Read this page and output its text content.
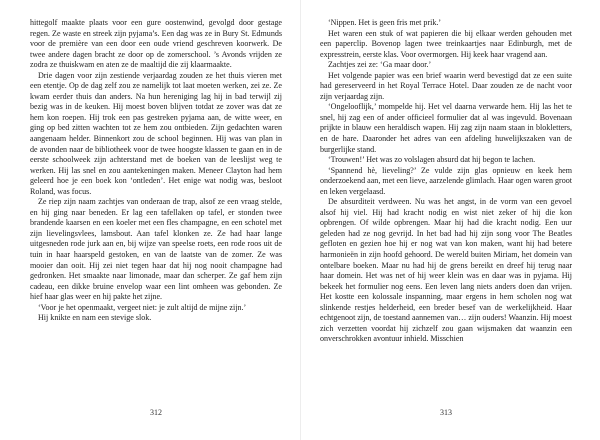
hittegolf maakte plaats voor een gure oostenwind, gevolgd door gestage regen. Ze waste en streek zijn pyjama’s. Een dag was ze in Bury St. Edmunds voor de première van een door een oude vriend geschreven koorwerk. De twee andere dagen bracht ze door op de zomerschool. ’s Avonds vrijden ze zodra ze thuiskwam en aten ze de maaltijd die zij klaarmaakte.

Drie dagen voor zijn zestiende verjaardag zouden ze het thuis vieren met een etentje. Op de dag zelf zou ze namelijk tot laat moeten werken, zei ze. Ze kwam eerder thuis dan anders. Na hun hereniging lag hij in bad terwijl zij bezig was in de keuken. Hij moest boven blijven totdat ze zover was dat ze hem kon roepen. Hij trok een pas gestreken pyjama aan, de witte weer, en ging op bed zitten wachten tot ze hem zou ontbieden. Zijn gedachten waren aangenaam helder. Binnenkort zou de school beginnen. Hij was van plan in de avonden naar de bibliotheek voor de twee hoogste klassen te gaan en in de eerste schoolweek zijn achterstand met de boeken van de leeslijst weg te werken. Hij las snel en zou aantekeningen maken. Meneer Clayton had hem geleerd hoe je een boek kon ‘ontleden’. Het enige wat nodig was, besloot Roland, was focus.

Ze riep zijn naam zachtjes van onderaan de trap, alsof ze een vraag stelde, en hij ging naar beneden. Er lag een tafellaken op tafel, er stonden twee brandende kaarsen en een koeler met een fles champagne, en een schotel met zijn lievelingsvlees, lamsbout. Aan tafel klonken ze. Ze had haar lange uitgesneden rode jurk aan en, bij wijze van speelse roets, een rode roos uit de tuin in haar haarspeld gestoken, en van de laatste van de zomer. Ze was mooier dan ooit. Hij zei niet tegen haar dat hij nog nooit champagne had gedronken. Het smaakte naar limonade, maar dan scherper. Ze gaf hem zijn cadeau, een dikke bruine envelop waar een lint omheen was gebonden. Ze hief haar glas weer en hij pakte het zijne.

‘Voor je het openmaakt, vergeet niet: je zult altijd de mijne zijn.’

Hij knikte en nam een stevige slok.

‘Nippen. Het is geen fris met prik.’

Het waren een stuk of wat papieren die bij elkaar werden gehouden met een paperclip. Bovenop lagen twee treinkaartjes naar Edinburgh, met de expresstrein, eerste klas. Voor overmorgen. Hij keek haar vragend aan.

Zachtjes zei ze: ‘Ga maar door.’

Het volgende papier was een brief waarin werd bevestigd dat ze een suite had gereserveerd in het Royal Terrace Hotel. Daar zouden ze de nacht voor zijn verjaardag zijn.

‘Ongelooflijk,’ mompelde hij. Het vel daarna verwarde hem. Hij las het te snel, hij zag een of ander officieel formulier dat al was ingevuld. Bovenaan prijkte in blauw een heraldisch wapen. Hij zag zijn naam staan in blokletters, en de hare. Daaronder het adres van een afdeling huwelijkszaken van de burgerlijke stand.

‘Trouwen!’ Het was zo volslagen absurd dat hij begon te lachen.

‘Spannend hè, lieveling?’ Ze vulde zijn glas opnieuw en keek hem onderzoekend aan, met een lieve, aarzelende glimlach. Haar ogen waren groot en leken vergelaasd.

De absurditeit verdween. Nu was het angst, in de vorm van een gevoel alsof hij viel. Hij had kracht nodig en wist niet zeker of hij die kon opbrengen. Of wilde opbrengen. Maar hij had die kracht nodig. Een uur geleden had ze nog gevrijd. In het bad had hij zijn song voor The Beatles gefloten en gezien hoe hij er nog wat van kon maken, want hij had betere harmonieën in zijn hoofd gehoord. De wereld buiten Miriam, het domein van ontelbare boeken. Maar nu had hij de grens bereikt en dreef hij terug naar haar domein. Het was net of hij weer klein was en daar was in pyjama. Hij bekeek het formulier nog eens. Een leven lang niets anders doen dan vrijen. Het kostte een kolossale inspanning, maar ergens in hem scholen nog wat slinkende restjes helderheid, een breder besef van de werkelijkheid. Haar echtgenoot zijn, de toestand aannemen van… zijn ouders! Waanzin. Hij moest zich verzetten voordat hij zichzelf zou gaan wijsmaken dat waanzin een onverschrokken avontuur inhield. Misschien

312	313
